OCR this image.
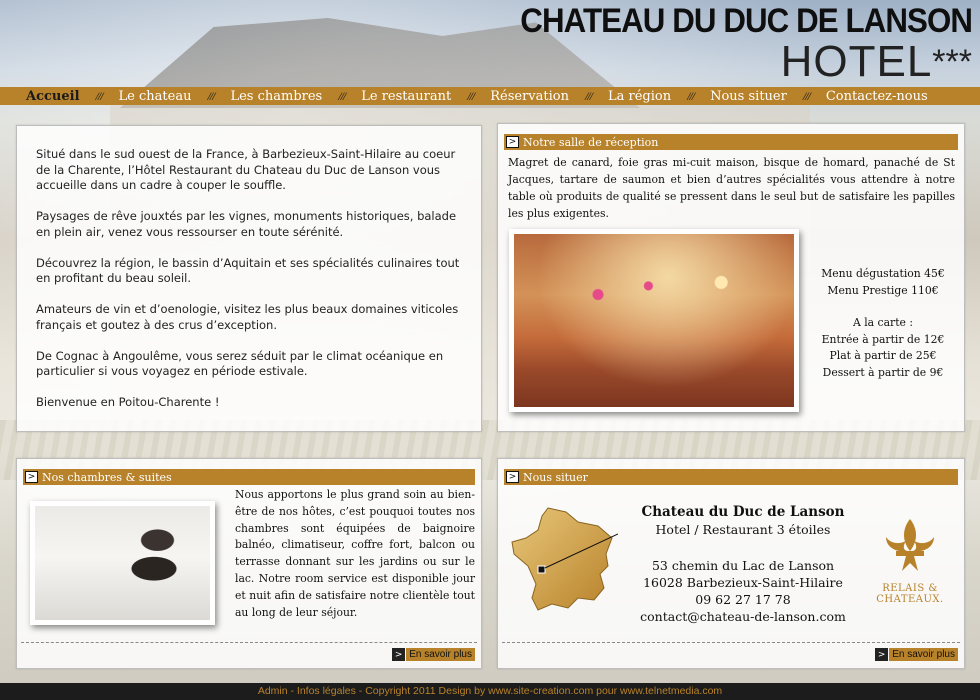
CHATEAU DU DUC DE LANSON
HOTEL***
Accueil /// Le chateau /// Les chambres /// Le restaurant /// Réservation /// La région /// Nous situer /// Contactez-nous

Situé dans le sud ouest de la France, à Barbezieux-Saint-Hilaire au coeur de la Charente, l’Hôtel Restaurant du Chateau du Duc de Lanson vous accueille dans un cadre à couper le souffle.

Paysages de rêve jouxtés par les vignes, monuments historiques, balade en plein air, venez vous ressourser en toute sérénité.

Découvrez la région, le bassin d’Aquitain et ses spécialités culinaires tout en profitant du beau soleil.

Amateurs de vin et d’oenologie, visitez les plus beaux domaines viticoles français et goutez à des crus d’exception.

De Cognac à Angoulême, vous serez séduit par le climat océanique en particulier si vous voyagez en période estivale.

Bienvenue en Poitou-Charente !

> Notre salle de réception
Magret de canard, foie gras mi-cuit maison, bisque de homard, panaché de St Jacques, tartare de saumon et bien d’autres spécialités vous attendre à notre table où produits de qualité se pressent dans le seul but de satisfaire les papilles les plus exigentes.
Menu dégustation 45€
Menu Prestige 110€
A la carte :
Entrée à partir de 12€
Plat à partir de 25€
Dessert à partir de 9€
> Nos chambres & suites
Nous apportons le plus grand soin au bien-être de nos hôtes, c’est pouquoi toutes nos chambres sont équipées de baignoire balnéo, climatiseur, coffre fort, balcon ou terrasse donnant sur les jardins ou sur le lac. Notre room service est disponible jour et nuit afin de satisfaire notre clientèle tout au long de leur séjour.
> En savoir plus
> Nous situer
Chateau du Duc de Lanson
Hotel / Restaurant 3 étoiles
53 chemin du Lac de Lanson
16028 Barbezieux-Saint-Hilaire
09 62 27 17 78
contact@chateau-de-lanson.com
RELAIS &
CHATEAUX.
> En savoir plus
Admin - Infos légales - Copyright 2011 Design by www.site-creation.com pour www.telnetmedia.com
